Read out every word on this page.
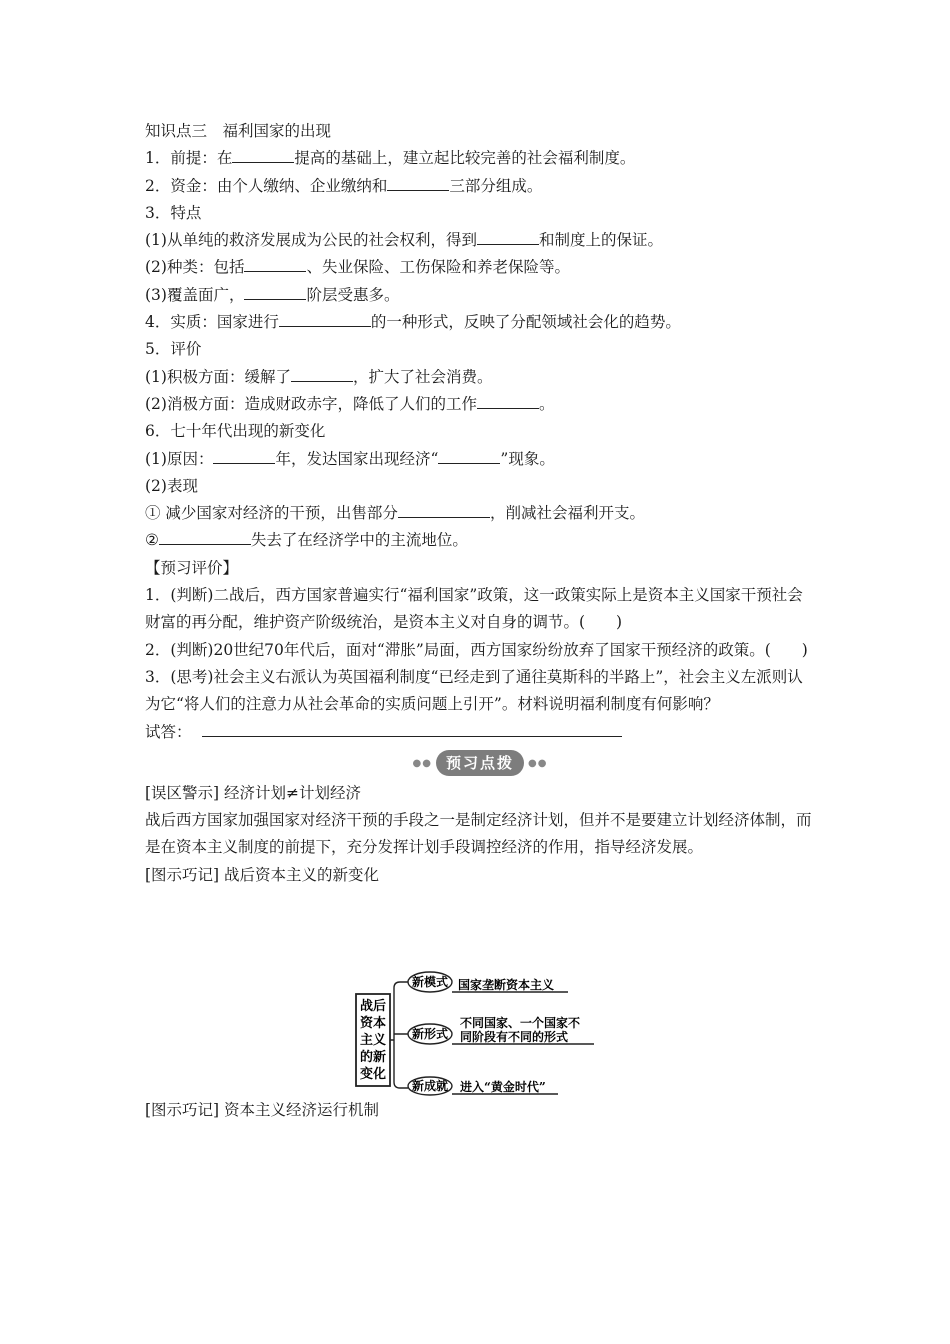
知识点三　福利国家的出现
1．前提：在	提高的基础上，建立起比较完善的社会福利制度。
2．资金：由个人缴纳、企业缴纳和	三部分组成。
3．特点
(1)从单纯的救济发展成为公民的社会权利，得到	和制度上的保证。
(2)种类：包括	、失业保险、工伤保险和养老保险等。
(3)覆盖面广，	阶层受惠多。
4．实质：国家进行	的一种形式，反映了分配领域社会化的趋势。
5．评价
(1)积极方面：缓解了	，扩大了社会消费。
(2)消极方面：造成财政赤字，降低了人们的工作	。
6．七十年代出现的新变化
(1)原因：	年，发达国家出现经济“	”现象。
(2)表现
① 减少国家对经济的干预，出售部分	，削减社会福利开支。
②	失去了在经济学中的主流地位。
【预习评价】
1．(判断)二战后，西方国家普遍实行“福利国家”政策，这一政策实际上是资本主义国家干预社会财富的再分配，维护资产阶级统治，是资本主义对自身的调节。(　　)
2．(判断)20世纪70年代后，面对“滞胀”局面，西方国家纷纷放弃了国家干预经济的政策。(　　)
3．(思考)社会主义右派认为英国福利制度“已经走到了通往莫斯科的半路上”，社会主义左派则认为它“将人们的注意力从社会革命的实质问题上引开”。材料说明福利制度有何影响？
试答：
●● 预习点拨 ●●
[误区警示] 经济计划≠计划经济
战后西方国家加强国家对经济干预的手段之一是制定经济计划，但并不是要建立计划经济体制，而是在资本主义制度的前提下，充分发挥计划手段调控经济的作用，指导经济发展。
[图示巧记] 战后资本主义的新变化
战后
资本
主义
的新
变化
新模式 国家垄断资本主义
新形式
不同国家、一个国家不
同阶段有不同的形式
新成就 进入“黄金时代”
[图示巧记] 资本主义经济运行机制
